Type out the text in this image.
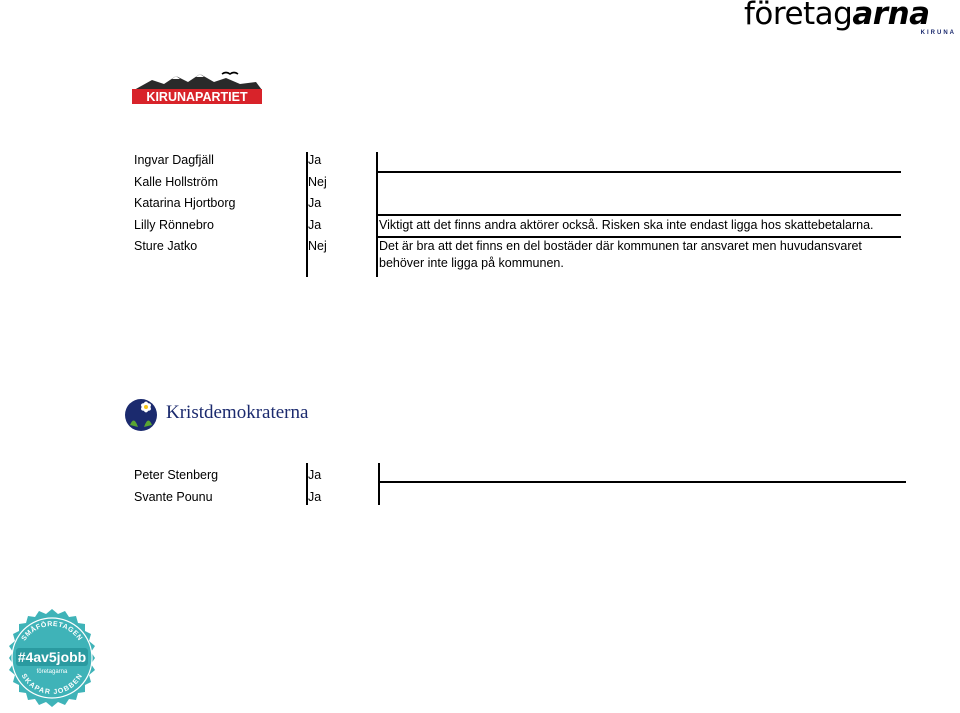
företagarna
KIRUNA
KIRUNAPARTIET
Ingvar Dagfjäll	Ja
Kalle Hollström	Nej
Katarina Hjortborg	Ja
Lilly Rönnebro	Ja	Viktigt att det finns andra aktörer också. Risken ska inte endast ligga hos skattebetalarna.
Sture Jatko	Nej	Det är bra att det finns en del bostäder där kommunen tar ansvaret men huvudansvaret behöver inte ligga på kommunen.
Kristdemokraterna
Peter Stenberg	Ja
Svante Pounu	Ja
SMÅFÖRETAGEN
#4av5jobb
företagarna
SKAPAR JOBBEN
